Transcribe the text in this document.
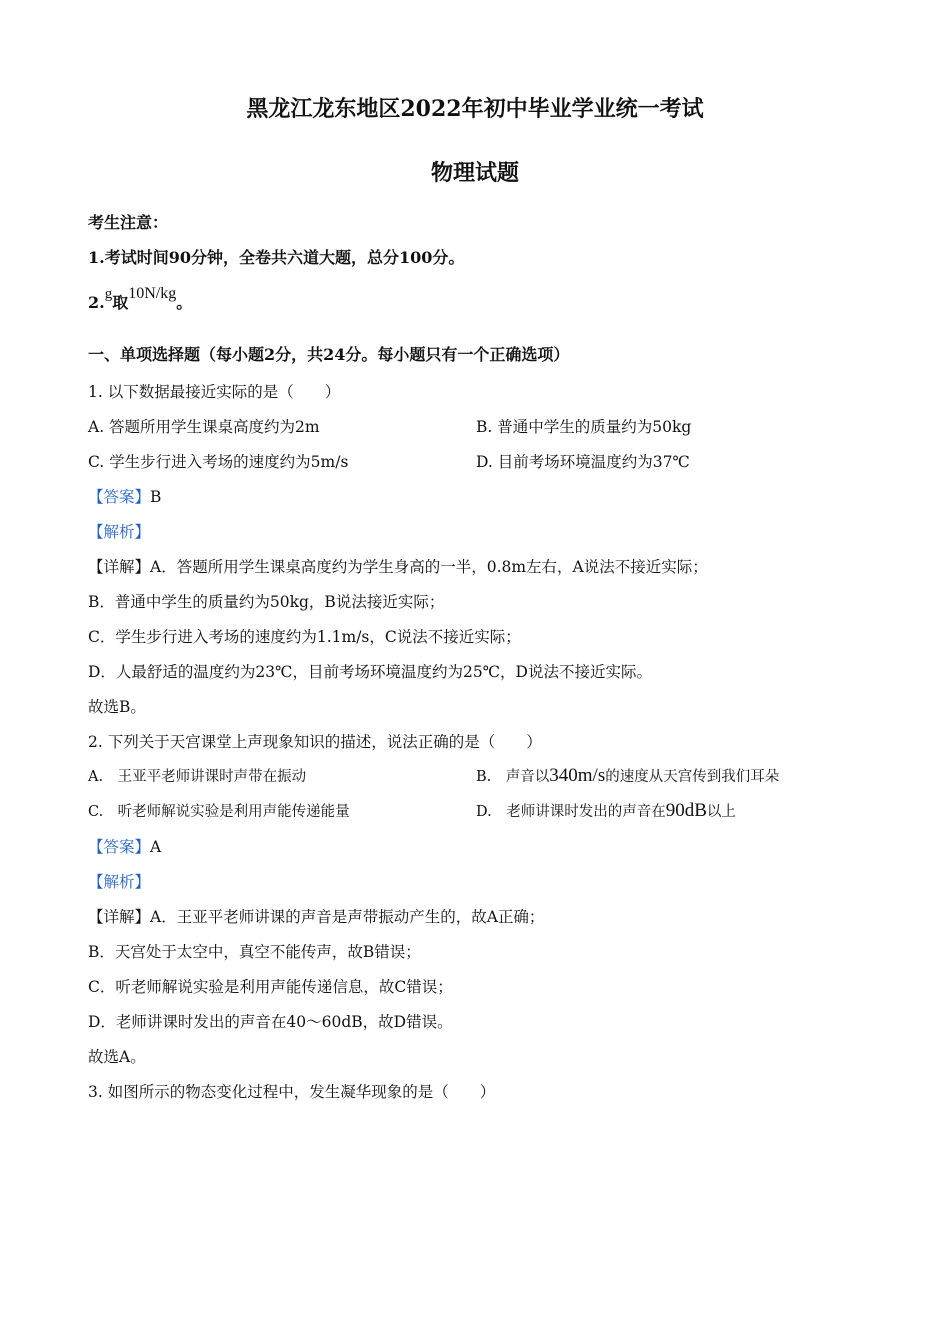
黑龙江龙东地区2022年初中毕业学业统一考试
物理试题
考生注意：
1.考试时间90分钟，全卷共六道大题，总分100分。
2.g取10N/kg。
一、单项选择题（每小题2分，共24分。每小题只有一个正确选项）
1. 以下数据最接近实际的是（　　）
A. 答题所用学生课桌高度约为2m	B. 普通中学生的质量约为50kg
C. 学生步行进入考场的速度约为5m/s	D. 目前考场环境温度约为37℃
【答案】B
【解析】
【详解】A．答题所用学生课桌高度约为学生身高的一半，0.8m左右，A说法不接近实际；
B．普通中学生的质量约为50kg，B说法接近实际；
C．学生步行进入考场的速度约为1.1m/s，C说法不接近实际；
D．人最舒适的温度约为23℃，目前考场环境温度约为25℃，D说法不接近实际。
故选B。
2. 下列关于天宫课堂上声现象知识的描述，说法正确的是（　　）
A.　王亚平老师讲课时声带在振动	B.　声音以340m/s的速度从天宫传到我们耳朵
C.　听老师解说实验是利用声能传递能量	D.　老师讲课时发出的声音在90dB以上
【答案】A
【解析】
【详解】A．王亚平老师讲课的声音是声带振动产生的，故A正确；
B．天宫处于太空中，真空不能传声，故B错误；
C．听老师解说实验是利用声能传递信息，故C错误；
D．老师讲课时发出的声音在40～60dB，故D错误。
故选A。
3. 如图所示的物态变化过程中，发生凝华现象的是（　　）
